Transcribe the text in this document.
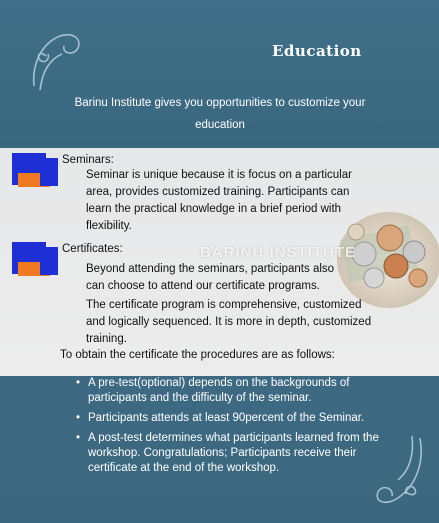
Education
Barinu Institute gives you opportunities to customize your education
Seminars:
Seminar is unique because it is focus on a particular area, provides customized training. Participants can learn the practical knowledge in a brief period with flexibility.
BARINU INSTITUTE
Certificates:
Beyond attending the seminars, participants also can choose to attend our certificate programs.
The certificate program is comprehensive, customized and logically sequenced. It is more in depth, customized training.
To obtain the certificate the procedures are as follows:
• A pre-test(optional) depends on the backgrounds of participants and the difficulty of the seminar.
• Participants attends at least 90percent of the Seminar.
• A post-test determines what participants learned from the workshop. Congratulations; Participants receive their certificate at the end of the workshop.
